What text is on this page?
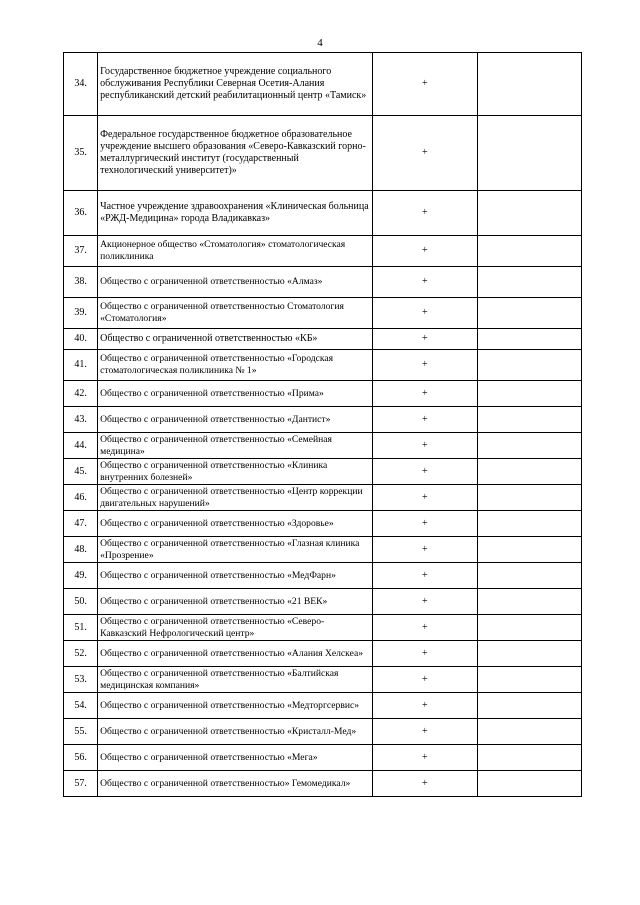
4
34.	Государственное бюджетное учреждение социального обслуживания Республики Северная Осетия-Алания республиканский детский реабилитационный центр «Тамиск»	+	
35.	Федеральное государственное бюджетное образовательное учреждение высшего образования «Северо-Кавказский горно-металлургический институт (государственный технологический университет)»	+	
36.	Частное учреждение здравоохранения «Клиническая больница «РЖД-Медицина» города Владикавказ»	+	
37.	Акционерное общество «Стоматология» стоматологическая поликлиника	+	
38.	Общество с ограниченной ответственностью «Алмаз»	+	
39.	Общество с ограниченной ответственностью Стоматология «Стоматология»	+	
40.	Общество с ограниченной ответственностью «КБ»	+	
41.	Общество с ограниченной ответственностью «Городская стоматологическая поликлиника № 1»	+	
42.	Общество с ограниченной ответственностью «Прима»	+	
43.	Общество с ограниченной ответственностью «Дантист»	+	
44.	Общество с ограниченной ответственностью «Семейная медицина»	+	
45.	Общество с ограниченной ответственностью «Клиника внутренних болезней»	+	
46.	Общество с ограниченной ответственностью «Центр коррекции двигательных нарушений»	+	
47.	Общество с ограниченной ответственностью «Здоровье»	+	
48.	Общество с ограниченной ответственностью «Глазная клиника «Прозрение»	+	
49.	Общество с ограниченной ответственностью «МедФарн»	+	
50.	Общество с ограниченной ответственностью «21 ВЕК»	+	
51.	Общество с ограниченной ответственностью «Северо-Кавказский Нефрологический центр»	+	
52.	Общество с ограниченной ответственностью «Алания Хелскеа»	+	
53.	Общество с ограниченной ответственностью «Балтийская медицинская компания»	+	
54.	Общество с ограниченной ответственностью «Медторгсервис»	+	
55.	Общество с ограниченной ответственностью «Кристалл-Мед»	+	
56.	Общество с ограниченной ответственностью «Мега»	+	
57.	Общество с ограниченной ответственностью» Гемомедикал»	+	
